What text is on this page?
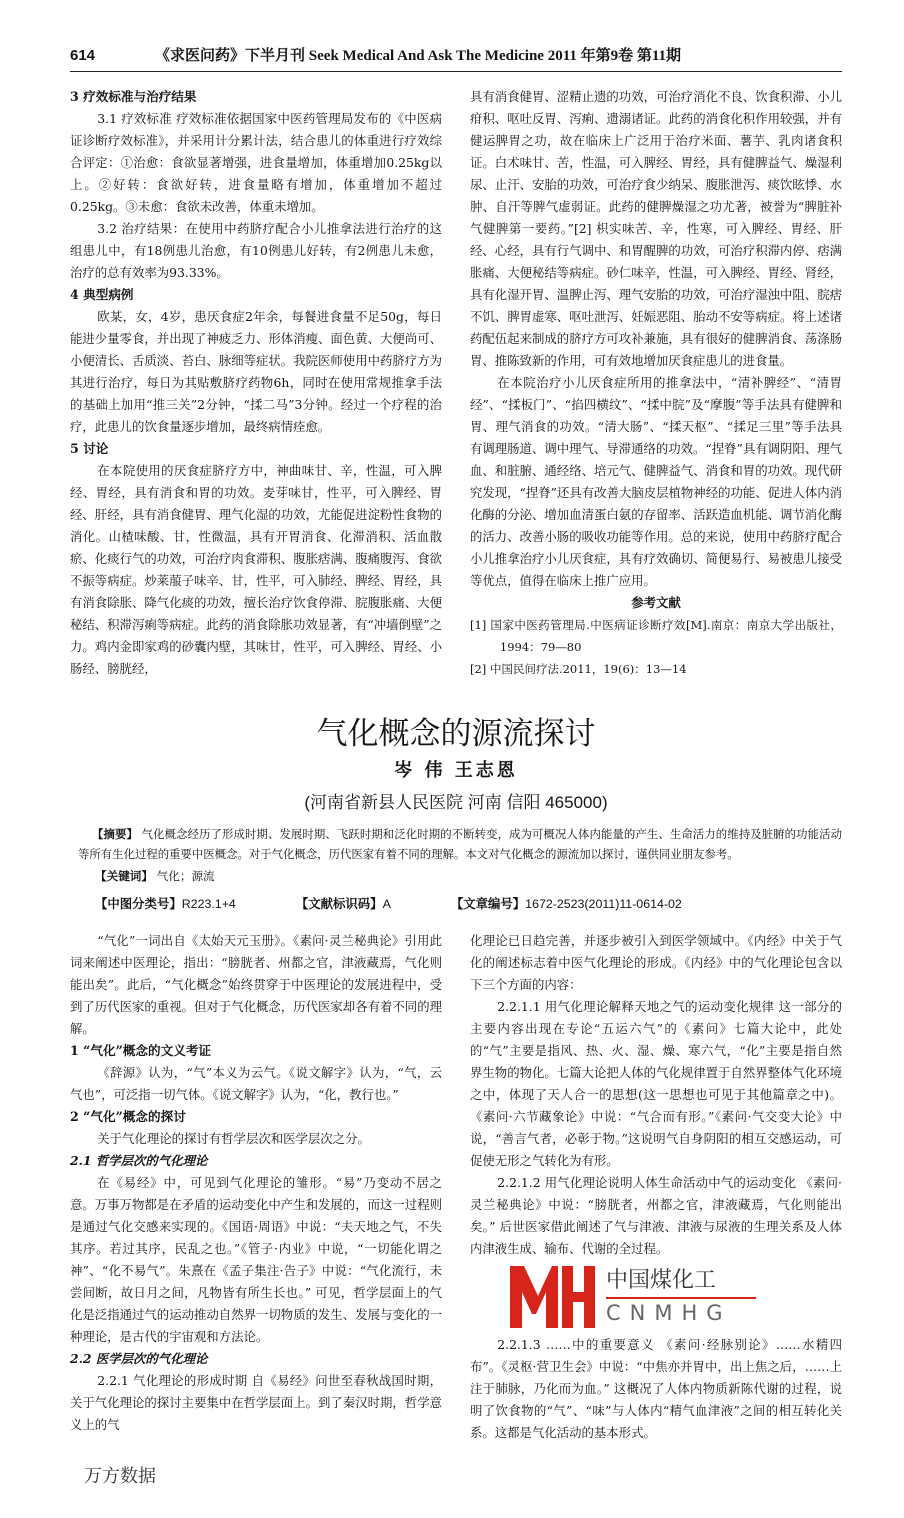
614	《求医问药》下半月刊 Seek Medical And Ask The Medicine 2011 年第9卷 第11期
3 疗效标准与治疗结果

3.1 疗效标准 疗效标准依据国家中医药管理局发布的《中医病证诊断疗效标准》，并采用计分累计法，结合患儿的体重进行疗效综合评定：①治愈：食欲显著增强，进食量增加，体重增加0.25kg以上。②好转：食欲好转，进食量略有增加，体重增加不超过0.25kg。③未愈：食欲未改善，体重未增加。

3.2 治疗结果：在使用中药脐疗配合小儿推拿法进行治疗的这组患儿中，有18例患儿治愈，有10例患儿好转，有2例患儿未愈，治疗的总有效率为93.33%。

4 典型病例

欧某，女，4岁，患厌食症2年余，每餐进食量不足50g，每日能进少量零食，并出现了神疲乏力、形体消瘦、面色黄、大便尚可、小便清长、舌质淡、苔白、脉细等症状。我院医师使用中药脐疗方为其进行治疗，每日为其贴敷脐疗药物6h，同时在使用常规推拿手法的基础上加用“推三关”2分钟，“揉二马”3分钟。经过一个疗程的治疗，此患儿的饮食量逐步增加，最终病情痊愈。

5 讨论

在本院使用的厌食症脐疗方中，神曲味甘、辛，性温，可入脾经、胃经，具有消食和胃的功效。麦芽味甘，性平，可入脾经、胃经、肝经，具有消食健胃、理气化湿的功效，尤能促进淀粉性食物的消化。山楂味酸、甘，性微温，具有开胃消食、化滞消积、活血散瘀、化痰行气的功效，可治疗肉食滞积、腹胀痞满、腹痛腹泻、食欲不振等病症。炒莱菔子味辛、甘，性平，可入肺经、脾经、胃经，具有消食除胀、降气化痰的功效，擅长治疗饮食停滞、脘腹胀痛、大便秘结、积滞泻痢等病症。此药的消食除胀功效显著，有“冲墙倒壁”之力。鸡内金即家鸡的砂囊内壁，其味甘，性平，可入脾经、胃经、小肠经、膀胱经，

具有消食健胃、涩精止遗的功效，可治疗消化不良、饮食积滞、小儿疳积、呕吐反胃、泻痢、遗溺诸证。此药的消食化积作用较强，并有健运脾胃之功，故在临床上广泛用于治疗米面、薯芋、乳肉诸食积证。白术味甘、苦，性温，可入脾经、胃经，具有健脾益气、燥湿利尿、止汗、安胎的功效，可治疗食少纳呆、腹胀泄泻、痰饮眩悸、水肿、自汗等脾气虚弱证。此药的健脾燥湿之功尤著，被誉为“脾脏补气健脾第一要药。”[2] 枳实味苦、辛，性寒，可入脾经、胃经、肝经、心经，具有行气调中、和胃醒脾的功效，可治疗积滞内停、痞满胀痛、大便秘结等病症。砂仁味辛，性温，可入脾经、胃经、肾经，具有化湿开胃、温脾止泻、理气安胎的功效，可治疗湿浊中阻、脘痞不饥、脾胃虚寒、呕吐泄泻、妊娠恶阻、胎动不安等病症。将上述诸药配伍起来制成的脐疗方可攻补兼施，具有很好的健脾消食、荡涤肠胃、推陈致新的作用，可有效地增加厌食症患儿的进食量。

在本院治疗小儿厌食症所用的推拿法中，“清补脾经”、“清胃经”、“揉板门”、“掐四横纹”、“揉中脘”及“摩腹”等手法具有健脾和胃、理气消食的功效。“清大肠”、“揉天枢”、“揉足三里”等手法具有调理肠道、调中理气、导滞通络的功效。“捏脊”具有调阴阳、理气血、和脏腑、通经络、培元气、健脾益气、消食和胃的功效。现代研究发现，“捏脊”还具有改善大脑皮层植物神经的功能、促进人体内消化酶的分泌、增加血清蛋白氨的存留率、活跃造血机能、调节消化酶的活力、改善小肠的吸收功能等作用。总的来说，使用中药脐疗配合小儿推拿治疗小儿厌食症，具有疗效确切、简便易行、易被患儿接受等优点，值得在临床上推广应用。

参考文献

[1] 国家中医药管理局.中医病证诊断疗效[M].南京：南京大学出版社，1994：79—80

[2] 中国民间疗法.2011，19(6)：13—14

气化概念的源流探讨
岑 伟 王志恩
(河南省新县人民医院 河南 信阳 465000)

【摘要】 气化概念经历了形成时期、发展时期、飞跃时期和泛化时期的不断转变，成为可概况人体内能量的产生、生命活力的维持及脏腑的功能活动等所有生化过程的重要中医概念。对于气化概念，历代医家有着不同的理解。本文对气化概念的源流加以探讨，谨供同业朋友参考。

【关键词】 气化；源流
【中图分类号】R223.1+4	【文献标识码】A	【文章编号】1672-2523(2011)11-0614-02

“气化”一词出自《太始天元玉册》。《素问·灵兰秘典论》引用此词来阐述中医理论，指出：“膀胱者、州都之官，津液藏焉，气化则能出矣”。此后，“气化概念”始终贯穿于中医理论的发展进程中，受到了历代医家的重视。但对于气化概念，历代医家却各有着不同的理解。

1 “气化”概念的文义考证

《辞源》认为，“气”本义为云气。《说文解字》认为，“气，云气也”，可泛指一切气体。《说文解字》认为，“化，教行也。”

2 “气化”概念的探讨

关于气化理论的探讨有哲学层次和医学层次之分。

2.1 哲学层次的气化理论

在《易经》中，可见到气化理论的雏形。“易”乃变动不居之意。万事万物都是在矛盾的运动变化中产生和发展的，而这一过程则是通过气化交感来实现的。《国语·周语》中说：“夫天地之气，不失其序。若过其序，民乱之也。”《管子·内业》中说，“一切能化谓之神”、“化不易气”。朱熹在《孟子集注·告子》中说：“气化流行，未尝间断，故日月之间，凡物皆有所生长也。” 可见，哲学层面上的气化是泛指通过气的运动推动自然界一切物质的发生、发展与变化的一种理论，是古代的宇宙观和方法论。

2.2 医学层次的气化理论

2.2.1 气化理论的形成时期 自《易经》问世至春秋战国时期，关于气化理论的探讨主要集中在哲学层面上。到了秦汉时期，哲学意义上的气

化理论已日趋完善，并逐步被引入到医学领域中。《内经》中关于气化的阐述标志着中医气化理论的形成。《内经》中的气化理论包含以下三个方面的内容：

2.2.1.1 用气化理论解释天地之气的运动变化规律 这一部分的主要内容出现在专论“五运六气”的《素问》七篇大论中，此处的“气”主要是指风、热、火、湿、燥、寒六气，“化”主要是指自然界生物的物化。七篇大论把人体的气化规律置于自然界整体气化环境之中，体现了天人合一的思想(这一思想也可见于其他篇章之中)。《素问·六节藏象论》中说：“气合而有形。”《素问·气交变大论》中说，“善言气者，必彰于物。”这说明气自身阴阳的相互交感运动，可促使无形之气转化为有形。

2.2.1.2 用气化理论说明人体生命活动中气的运动变化 《素问·灵兰秘典论》中说：“膀胱者，州都之官，津液藏焉，气化则能出矣。” 后世医家借此阐述了气与津液、津液与尿液的生理关系及人体内津液生成、输布、代谢的全过程。

中国煤化工
CNMHG

2.2.1.3 ……中的重要意义 《素问·经脉别论》……水精四布”。《灵枢·营卫生会》中说：“中焦亦并胃中，出上焦之后，……上注于肺脉，乃化而为血。” 这概况了人体内物质新陈代谢的过程，说明了饮食物的“气”、“味”与人体内“精气血津液”之间的相互转化关系。这都是气化活动的基本形式。

万方数据
